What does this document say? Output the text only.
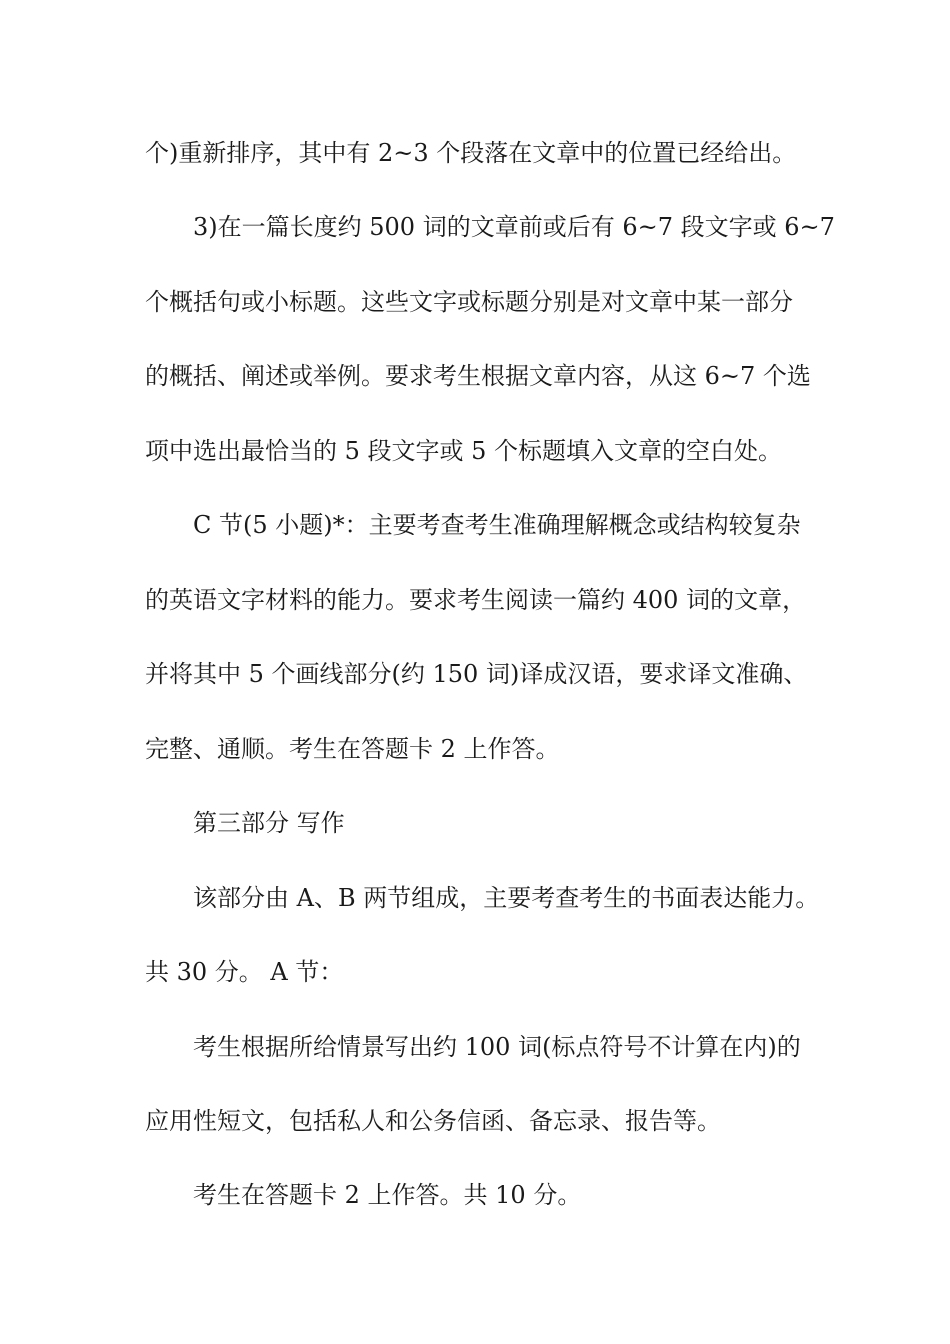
个)重新排序，其中有 2~3 个段落在文章中的位置已经给出。
3)在一篇长度约 500 词的文章前或后有 6~7 段文字或 6~7
个概括句或小标题。这些文字或标题分别是对文章中某一部分
的概括、阐述或举例。要求考生根据文章内容，从这 6~7 个选
项中选出最恰当的 5 段文字或 5 个标题填入文章的空白处。
C 节(5 小题)*：主要考查考生准确理解概念或结构较复杂
的英语文字材料的能力。要求考生阅读一篇约 400 词的文章，
并将其中 5 个画线部分(约 150 词)译成汉语，要求译文准确、
完整、通顺。考生在答题卡 2 上作答。
第三部分 写作
该部分由 A、B 两节组成，主要考查考生的书面表达能力。
共 30 分。 A 节：
考生根据所给情景写出约 100 词(标点符号不计算在内)的
应用性短文，包括私人和公务信函、备忘录、报告等。
考生在答题卡 2 上作答。共 10 分。
